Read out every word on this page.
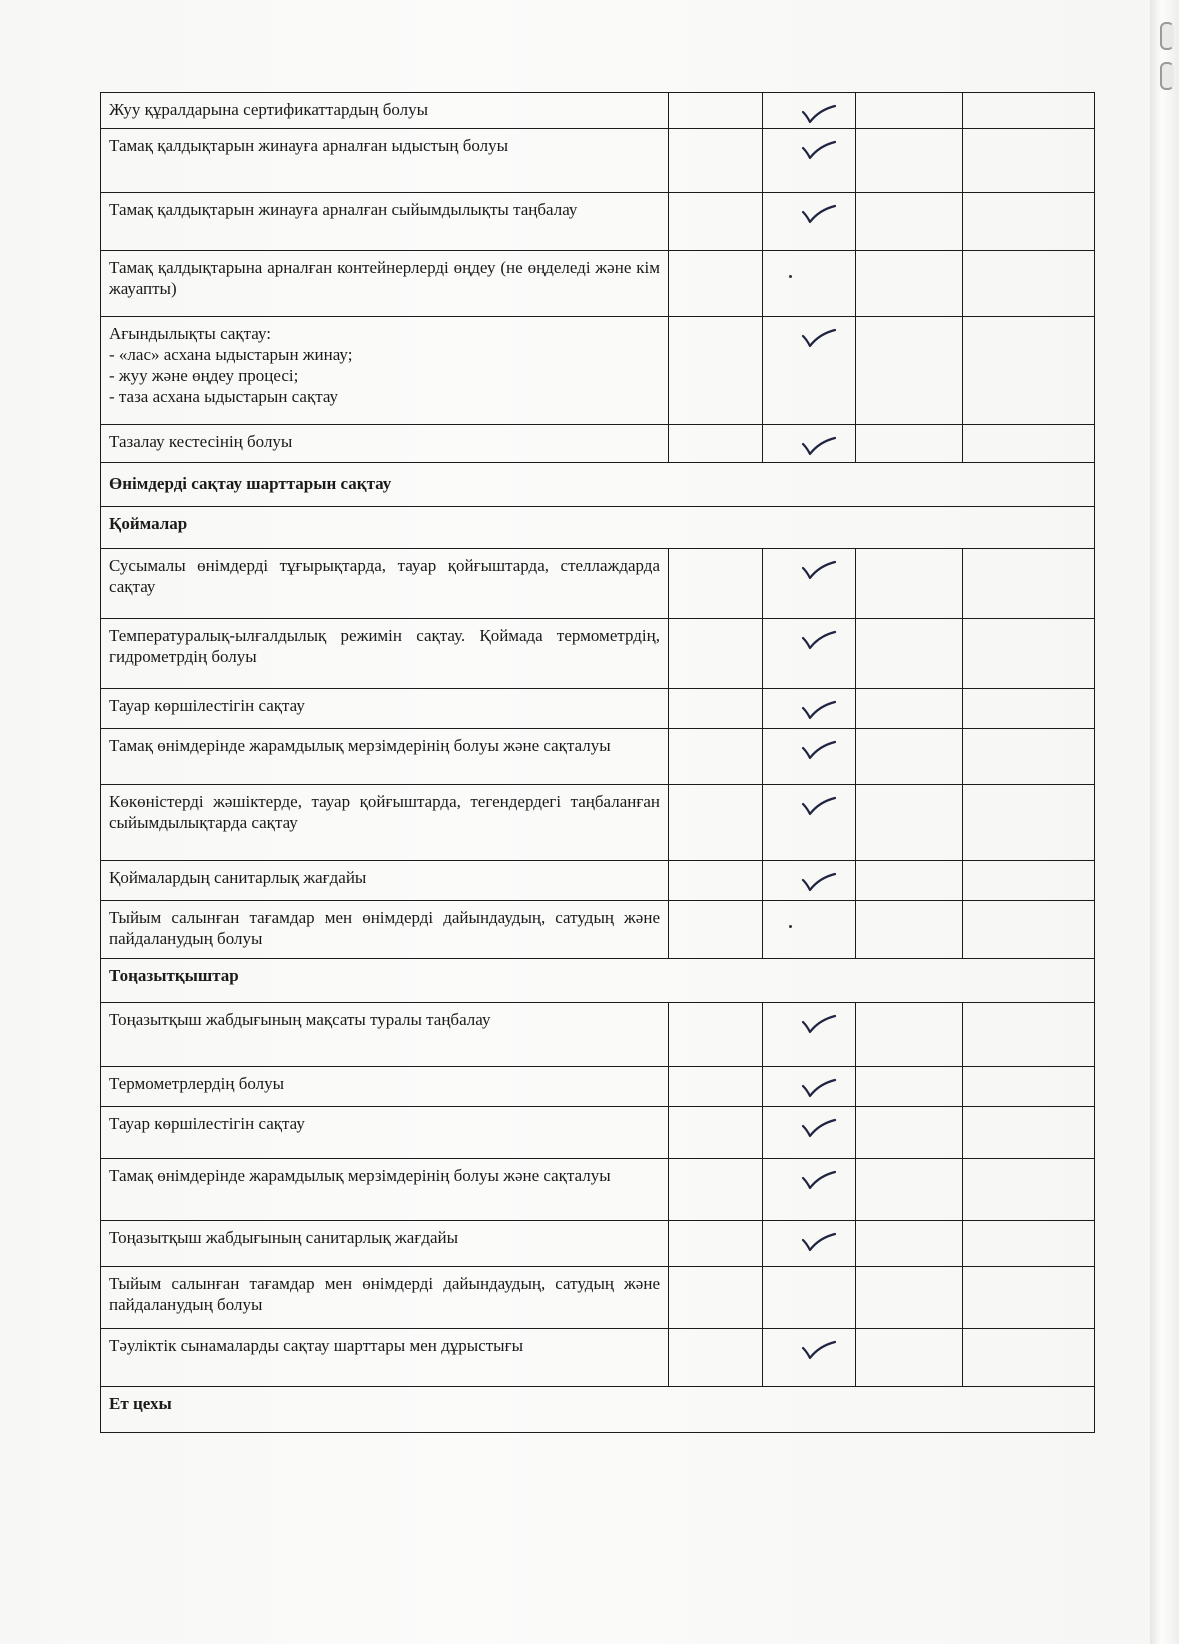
Жуу құралдарына сертификаттардың болуы		

Тамақ қалдықтарын жинауға арналған ыдыстың болуы		

Тамақ қалдықтарын жинауға арналған сыйымдылықты таңбалау		

Тамақ қалдықтарына арналған контейнерлерді өңдеу (не өңделеді және кім жауапты)		

Ағындылықты сақтау:
- «лас» асхана ыдыстарын жинау;
- жуу және өңдеу процесі;
- таза асхана ыдыстарын сақтау

Тазалау кестесінің болуы		

Өнімдерді сақтау шарттарын сақтау				
Қоймалар				
Сусымалы өнімдерді тұғырықтарда, тауар қойғыштарда, стеллаждарда сақтау		

Температуралық-ылғалдылық режимін сақтау. Қоймада термометрдің, гидрометрдің болуы		

Тауар көршілестігін сақтау		

Тамақ өнімдерінде жарамдылық мерзімдерінің болуы және сақталуы		

Көкөністерді жәшіктерде, тауар қойғыштарда, тегендердегі таңбаланған сыйымдылықтарда сақтау		

Қоймалардың санитарлық жағдайы		

Тыйым салынған тағамдар мен өнімдерді дайындаудың, сатудың және пайдаланудың болуы		

Тоңазытқыштар				
Тоңазытқыш жабдығының мақсаты туралы таңбалау		

Термометрлердің болуы		

Тауар көршілестігін сақтау		

Тамақ өнімдерінде жарамдылық мерзімдерінің болуы және сақталуы		

Тоңазытқыш жабдығының санитарлық жағдайы		

Тыйым салынған тағамдар мен өнімдерді дайындаудың, сатудың және пайдаланудың болуы				
Тәуліктік сынамаларды сақтау шарттары мен дұрыстығы		

Ет цехы				
